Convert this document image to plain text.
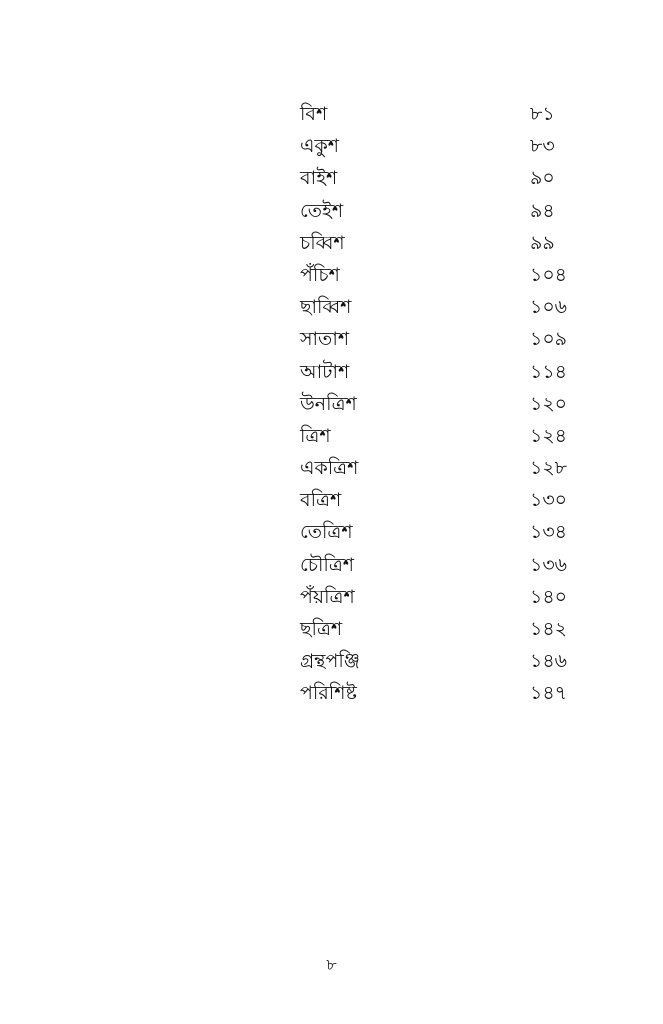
বিশ	৮১
একুশ	৮৩
বাইশ	৯০
তেইশ	৯৪
চব্বিশ	৯৯
পঁচিশ	১০৪
ছাব্বিশ	১০৬
সাতাশ	১০৯
আটাশ	১১৪
উনত্রিশ	১২০
ত্রিশ	১২৪
একত্রিশ	১২৮
বত্রিশ	১৩০
তেত্রিশ	১৩৪
চৌত্রিশ	১৩৬
পঁয়ত্রিশ	১৪০
ছত্রিশ	১৪২
গ্রন্থপঞ্জি	১৪৬
পরিশিষ্ট	১৪৭
৮
